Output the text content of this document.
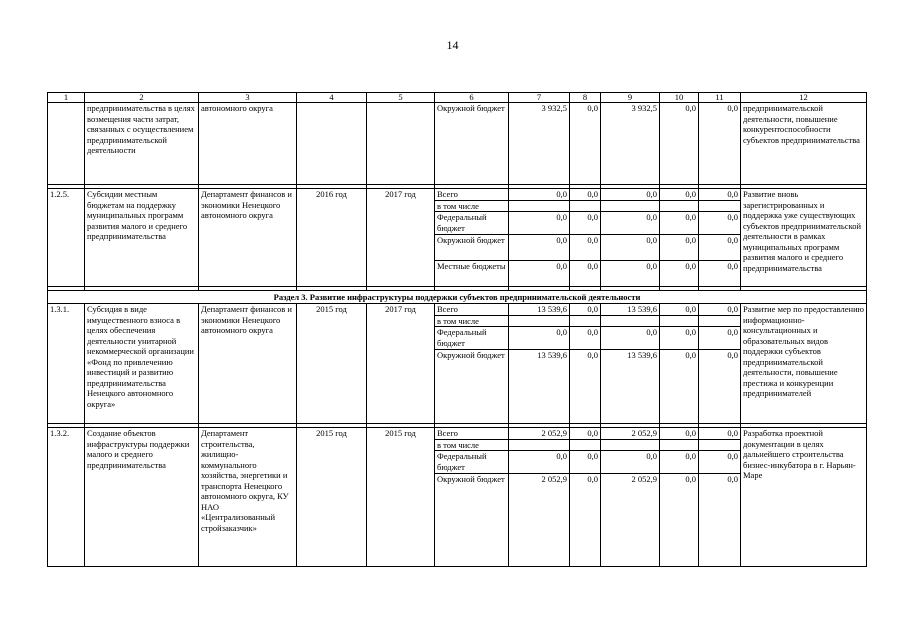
14
1	2	3	4	5	6	7	8	9	10	11	12
	предпринимательства в целях возмещения части затрат, связанных с осуществлением предпринимательской деятельности	автономного округа			Окружной бюджет	3 932,5	0,0	3 932,5	0,0	0,0	предпринимательской деятельности, повышение конкурентоспособности субъектов предпринимательства

1.2.5.	Субсидии местным бюджетам на поддержку муниципальных программ развития малого и среднего предпринимательства	Департамент финансов и экономики Ненецкого автономного округа	2016 год	2017 год	Всего	0,0	0,0	0,0	0,0	0,0	Развитие вновь зарегистрированных и поддержка уже существующих субъектов предпринимательской деятельности в рамках муниципальных программ развития малого и среднего предпринимательства
					в том числе						
					Федеральный бюджет	0,0	0,0	0,0	0,0	0,0	
					Окружной бюджет	0,0	0,0	0,0	0,0	0,0	
					Местные бюджеты	0,0	0,0	0,0	0,0	0,0	

Раздел 3. Развитие инфраструктуры поддержки субъектов предпринимательской деятельности											
1.3.1.	Субсидия в виде имущественного взноса в целях обеспечения деятельности унитарной некоммерческой организации «Фонд по привлечению инвестиций и развитию предпринимательства Ненецкого автономного округа»	Департамент финансов и экономики Ненецкого автономного округа	2015 год	2017 год	Всего	13 539,6	0,0	13 539,6	0,0	0,0	Развитие мер по предоставлению информационно-консультационных и образовательных видов поддержки субъектов предпринимательской деятельности, повышение престижа и конкуренции предпринимателей
					в том числе						
					Федеральный бюджет	0,0	0,0	0,0	0,0	0,0	
					Окружной бюджет	13 539,6	0,0	13 539,6	0,0	0,0	

1.3.2.	Создание объектов инфраструктуры поддержки малого и среднего предпринимательства	Департамент строительства, жилищно-коммунального хозяйства, энергетики и транспорта Ненецкого автономного округа, КУ НАО «Централизованный стройзаказчик»	2015 год	2015 год	Всего	2 052,9	0,0	2 052,9	0,0	0,0	Разработка проектной документации в целях дальнейшего строительства бизнес-инкубатора в г. Нарьян-Маре
					в том числе						
					Федеральный бюджет	0,0	0,0	0,0	0,0	0,0	
					Окружной бюджет	2 052,9	0,0	2 052,9	0,0	0,0	
